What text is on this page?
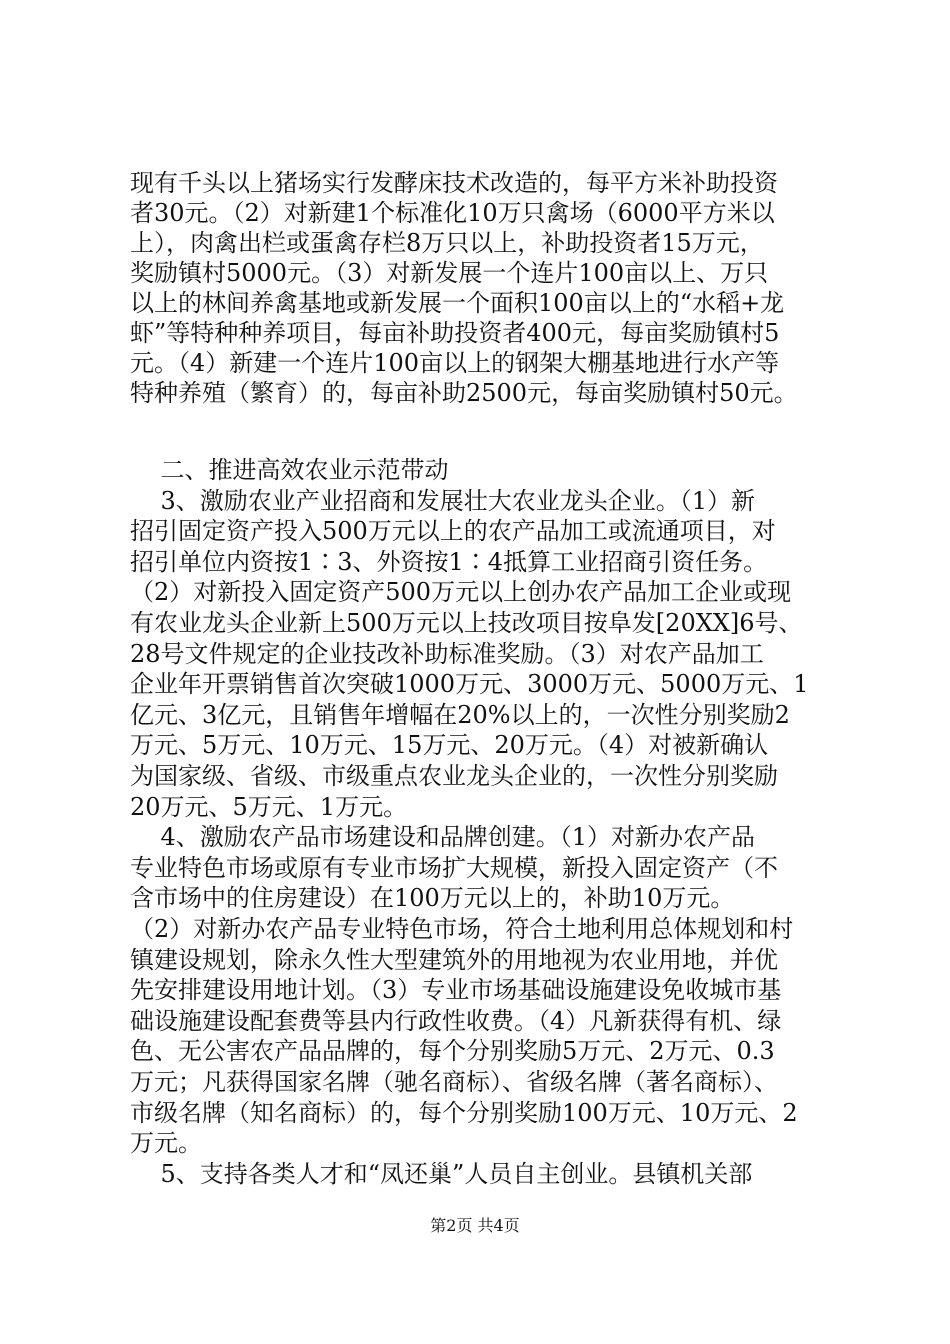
现有千头以上猪场实行发酵床技术改造的，每平方米补助投资
者30元。（2）对新建1个标准化10万只禽场（6000平方米以
上），肉禽出栏或蛋禽存栏8万只以上，补助投资者15万元，
奖励镇村5000元。（3）对新发展一个连片100亩以上、万只
以上的林间养禽基地或新发展一个面积100亩以上的“水稻+龙
虾”等特种种养项目，每亩补助投资者400元，每亩奖励镇村5
元。（4）新建一个连片100亩以上的钢架大棚基地进行水产等
特种养殖（繁育）的，每亩补助2500元，每亩奖励镇村50元。
二、推进高效农业示范带动
3、激励农业产业招商和发展壮大农业龙头企业。（1）新
招引固定资产投入500万元以上的农产品加工或流通项目，对
招引单位内资按1∶3、外资按1∶4抵算工业招商引资任务。
（2）对新投入固定资产500万元以上创办农产品加工企业或现
有农业龙头企业新上500万元以上技改项目按阜发[20XX]6号、
28号文件规定的企业技改补助标准奖励。（3）对农产品加工
企业年开票销售首次突破1000万元、3000万元、5000万元、1
亿元、3亿元，且销售年增幅在20%以上的，一次性分别奖励2
万元、5万元、10万元、15万元、20万元。（4）对被新确认
为国家级、省级、市级重点农业龙头企业的，一次性分别奖励
20万元、5万元、1万元。
4、激励农产品市场建设和品牌创建。（1）对新办农产品
专业特色市场或原有专业市场扩大规模，新投入固定资产（不
含市场中的住房建设）在100万元以上的，补助10万元。
（2）对新办农产品专业特色市场，符合土地利用总体规划和村
镇建设规划，除永久性大型建筑外的用地视为农业用地，并优
先安排建设用地计划。（3）专业市场基础设施建设免收城市基
础设施建设配套费等县内行政性收费。（4）凡新获得有机、绿
色、无公害农产品品牌的，每个分别奖励5万元、2万元、0.3
万元；凡获得国家名牌（驰名商标）、省级名牌（著名商标）、
市级名牌（知名商标）的，每个分别奖励100万元、10万元、2
万元。
5、支持各类人才和“凤还巢”人员自主创业。县镇机关部
第2页 共4页
